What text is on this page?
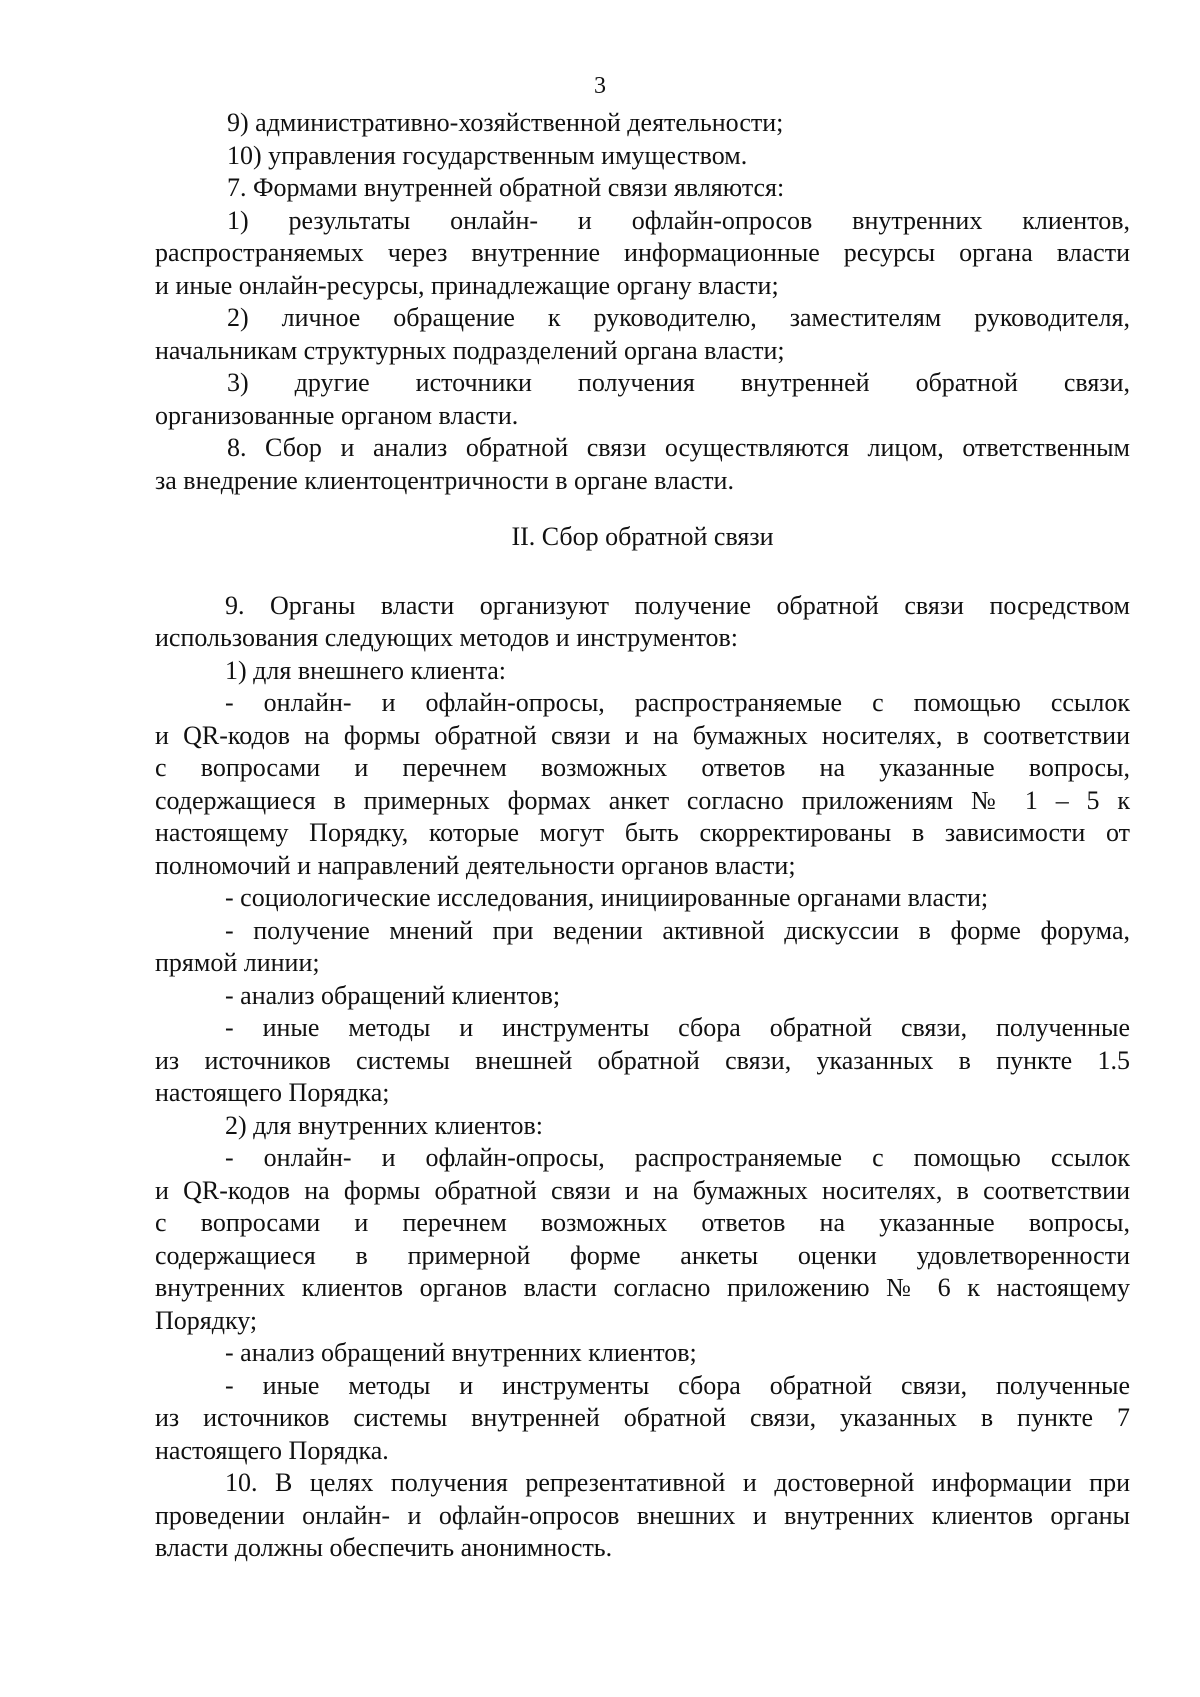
3
9) административно-хозяйственной деятельности;
10) управления государственным имуществом.
7. Формами внутренней обратной связи являются:
1) результаты онлайн- и офлайн-опросов внутренних клиентов,
распространяемых через внутренние информационные ресурсы органа власти
и иные онлайн-ресурсы, принадлежащие органу власти;
2) личное обращение к руководителю, заместителям руководителя,
начальникам структурных подразделений органа власти;
3) другие источники получения внутренней обратной связи,
организованные органом власти.
8. Сбор и анализ обратной связи осуществляются лицом, ответственным
за внедрение клиентоцентричности в органе власти.
II. Сбор обратной связи
9. Органы власти организуют получение обратной связи посредством
использования следующих методов и инструментов:
1) для внешнего клиента:
- онлайн- и офлайн-опросы, распространяемые с помощью ссылок
и QR-кодов на формы обратной связи и на бумажных носителях, в соответствии
с вопросами и перечнем возможных ответов на указанные вопросы,
содержащиеся в примерных формах анкет согласно приложениям № 1 – 5 к
настоящему Порядку, которые могут быть скорректированы в зависимости от
полномочий и направлений деятельности органов власти;
- социологические исследования, инициированные органами власти;
- получение мнений при ведении активной дискуссии в форме форума,
прямой линии;
- анализ обращений клиентов;
- иные методы и инструменты сбора обратной связи, полученные
из источников системы внешней обратной связи, указанных в пункте 1.5
настоящего Порядка;
2) для внутренних клиентов:
- онлайн- и офлайн-опросы, распространяемые с помощью ссылок
и QR-кодов на формы обратной связи и на бумажных носителях, в соответствии
с вопросами и перечнем возможных ответов на указанные вопросы,
содержащиеся в примерной форме анкеты оценки удовлетворенности
внутренних клиентов органов власти согласно приложению № 6 к настоящему
Порядку;
- анализ обращений внутренних клиентов;
- иные методы и инструменты сбора обратной связи, полученные
из источников системы внутренней обратной связи, указанных в пункте 7
настоящего Порядка.
10. В целях получения репрезентативной и достоверной информации при
проведении онлайн- и офлайн-опросов внешних и внутренних клиентов органы
власти должны обеспечить анонимность.
